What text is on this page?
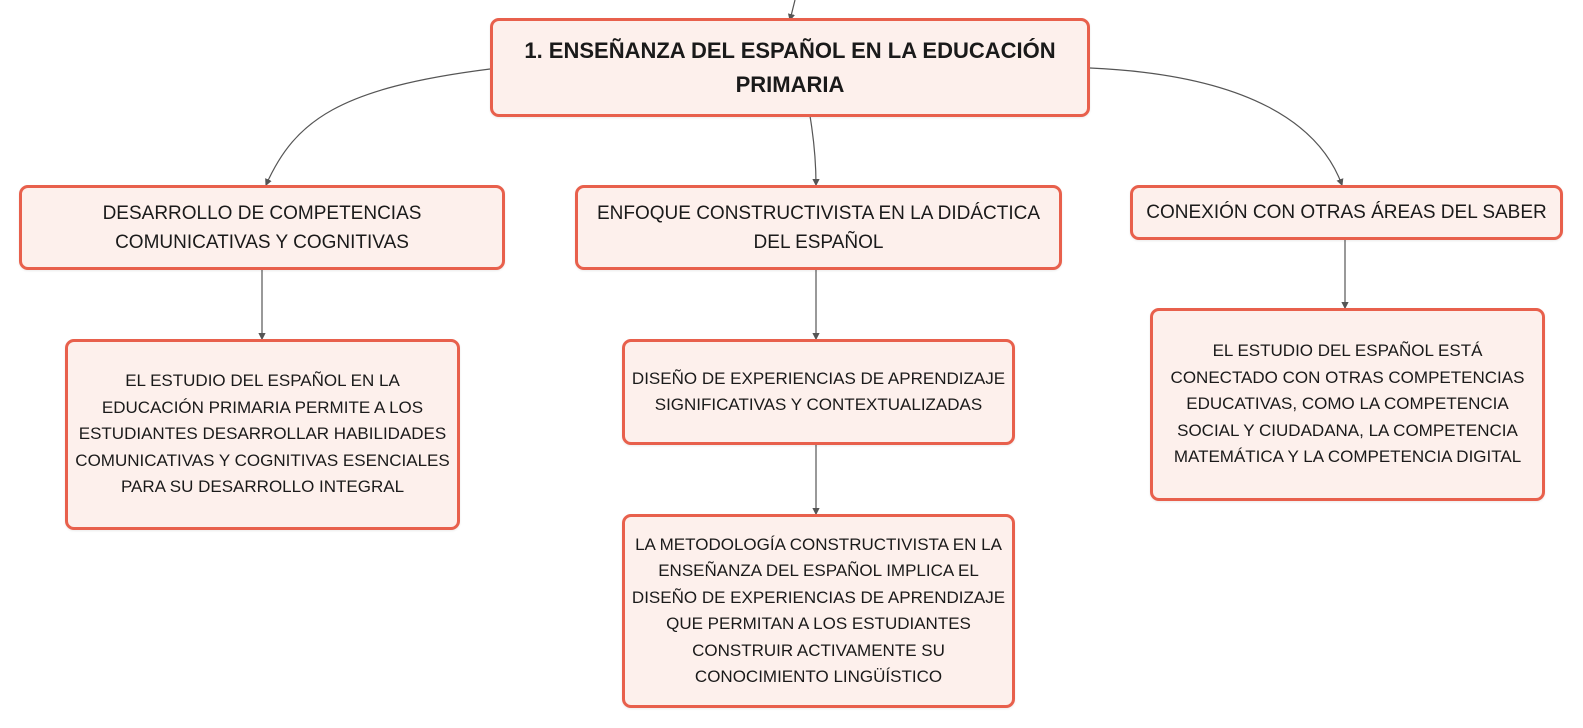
1. ENSEÑANZA DEL ESPAÑOL EN LA EDUCACIÓN PRIMARIA
DESARROLLO DE COMPETENCIAS COMUNICATIVAS Y COGNITIVAS
ENFOQUE CONSTRUCTIVISTA EN LA DIDÁCTICA DEL ESPAÑOL
CONEXIÓN CON OTRAS ÁREAS DEL SABER
EL ESTUDIO DEL ESPAÑOL EN LA EDUCACIÓN PRIMARIA PERMITE A LOS ESTUDIANTES DESARROLLAR HABILIDADES COMUNICATIVAS Y COGNITIVAS ESENCIALES PARA SU DESARROLLO INTEGRAL
DISEÑO DE EXPERIENCIAS DE APRENDIZAJE SIGNIFICATIVAS Y CONTEXTUALIZADAS
LA METODOLOGÍA CONSTRUCTIVISTA EN LA ENSEÑANZA DEL ESPAÑOL IMPLICA EL DISEÑO DE EXPERIENCIAS DE APRENDIZAJE QUE PERMITAN A LOS ESTUDIANTES CONSTRUIR ACTIVAMENTE SU CONOCIMIENTO LINGÜÍSTICO
EL ESTUDIO DEL ESPAÑOL ESTÁ CONECTADO CON OTRAS COMPETENCIAS EDUCATIVAS, COMO LA COMPETENCIA SOCIAL Y CIUDADANA, LA COMPETENCIA MATEMÁTICA Y LA COMPETENCIA DIGITAL
